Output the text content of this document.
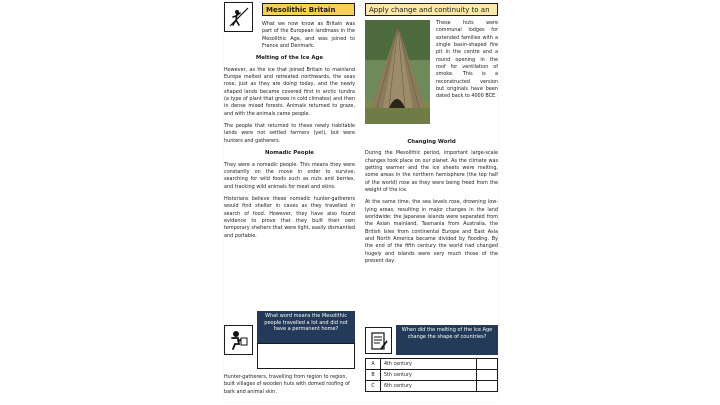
Mesolithic Britain	Apply change and continuity to an

What we now know as Britain was part of the European landmass in the Mesolithic Age, and was joined to France and Denmark.

Melting of the Ice Age

However, as the ice that joined Britain to mainland Europe melted and retreated northwards, the seas rose, just as they are doing today, and the newly shaped lands became covered first in arctic tundra (a type of plant that grows in cold climates) and then in dense mixed forests. Animals returned to graze, and with the animals came people.

The people that returned to these newly habitable lands were not settled farmers (yet), but were hunters and gatherers.

Nomadic People

They were a nomadic people. This means they were constantly on the move in order to survive; searching for wild foods such as nuts and berries, and tracking wild animals for meat and skins.

Historians believe these nomadic hunter-gatherers would find shelter in caves as they travelled in search of food. However, they have also found evidence to prove that they built their own temporary shelters that were light, easily dismantled and portable.

These huts were communal lodges for extended families with a single basin-shaped fire pit in the centre and a round opening in the roof for ventilation of smoke. This is a reconstructed version but originals have been dated back to 4000 BCE.
Changing World

During the Mesolithic period, important large-scale changes took place on our planet. As the climate was getting warmer and the ice sheets were melting, some areas in the northern hemisphere (the top half of the world) rose as they were being freed from the weight of the ice.

At the same time, the sea levels rose, drowning low-lying areas, resulting in major changes in the land worldwide: the Japanese islands were separated from the Asian mainland, Tasmania from Australia, the British Isles from continental Europe and East Asia and North America became divided by flooding. By the end of the fifth century the world had changed hugely and islands were very much those of the present day.

What word means the Mesolithic people travelled a lot and did not have a permanent home?	When did the melting of the Ice Age change the shape of countries?
A	4th century	
B	5th century	
C	6th century	
Hunter-gatherers, travelling from region to region, built villages of wooden huts with domed roofing of bark and animal skin.
